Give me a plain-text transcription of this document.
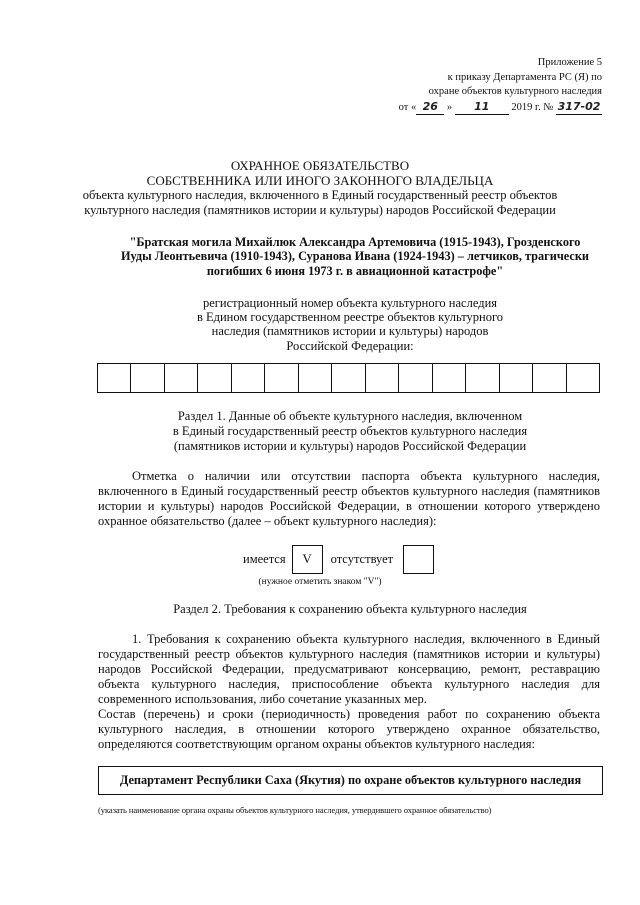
Приложение 5
к приказу Департамента РС (Я) по
охране объектов культурного наследия
от « 26 » 11 2019 г. № 317-02
ОХРАННОЕ ОБЯЗАТЕЛЬСТВО
СОБСТВЕННИКА ИЛИ ИНОГО ЗАКОННОГО ВЛАДЕЛЬЦА
объекта культурного наследия, включенного в Единый государственный реестр объектов
культурного наследия (памятников истории и культуры) народов Российской Федерации
"Братская могила Михайлюк Александра Артемовича (1915-1943), Грозденского
Иуды Леонтьевича (1910-1943), Суранова Ивана (1924-1943) – летчиков, трагически
погибших 6 июня 1973 г. в авиационной катастрофе"
регистрационный номер объекта культурного наследия
в Едином государственном реестре объектов культурного
наследия (памятников истории и культуры) народов
Российской Федерации:
Раздел 1. Данные об объекте культурного наследия, включенном
в Единый государственный реестр объектов культурного наследия
(памятников истории и культуры) народов Российской Федерации

Отметка о наличии или отсутствии паспорта объекта культурного наследия, включенного в Единый государственный реестр объектов культурного наследия (памятников истории и культуры) народов Российской Федерации, в отношении которого утверждено охранное обязательство (далее – объект культурного наследия):

имеется	V	отсутствует
(нужное отметить знаком "V")
Раздел 2. Требования к сохранению объекта культурного наследия

1. Требования к сохранению объекта культурного наследия, включенного в Единый государственный реестр объектов культурного наследия (памятников истории и культуры) народов Российской Федерации, предусматривают консервацию, ремонт, реставрацию объекта культурного наследия, приспособление объекта культурного наследия для современного использования, либо сочетание указанных мер.

Состав (перечень) и сроки (периодичность) проведения работ по сохранению объекта культурного наследия, в отношении которого утверждено охранное обязательство, определяются соответствующим органом охраны объектов культурного наследия:

Департамент Республики Саха (Якутия) по охране объектов культурного наследия
(указать наименование органа охраны объектов культурного наследия, утвердившего охранное обязательство)
